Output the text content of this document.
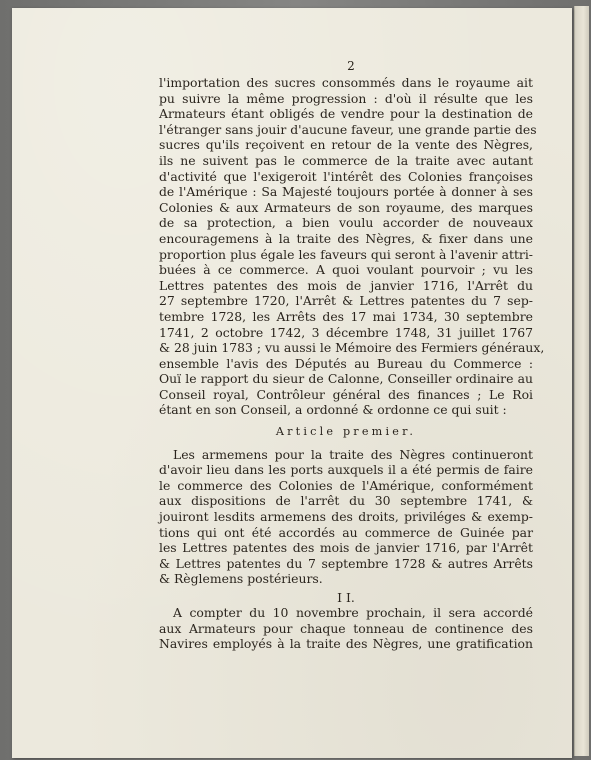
2

l'importation des sucres consommés dans le royaume ait
pu suivre la même progression : d'où il résulte que les
Armateurs étant obligés de vendre pour la destination de
l'étranger sans jouir d'aucune faveur, une grande partie des
sucres qu'ils reçoivent en retour de la vente des Nègres,
ils ne suivent pas le commerce de la traite avec autant
d'activité que l'exigeroit l'intérêt des Colonies françoises
de l'Amérique : Sa Majesté toujours portée à donner à ses
Colonies & aux Armateurs de son royaume, des marques
de sa protection, a bien voulu accorder de nouveaux
encouragemens à la traite des Nègres, & fixer dans une
proportion plus égale les faveurs qui seront à l'avenir attri-
buées à ce commerce. A quoi voulant pourvoir ; vu les
Lettres patentes des mois de janvier 1716, l'Arrêt du
27 septembre 1720, l'Arrêt & Lettres patentes du 7 sep-
tembre 1728, les Arrêts des 17 mai 1734, 30 septembre
1741, 2 octobre 1742, 3 décembre 1748, 31 juillet 1767
& 28 juin 1783 ; vu aussi le Mémoire des Fermiers généraux,
ensemble l'avis des Députés au Bureau du Commerce :
Ouï le rapport du sieur de Calonne, Conseiller ordinaire au
Conseil royal, Contrôleur général des finances ; Le Roi
étant en son Conseil, a ordonné & ordonne ce qui suit :

Article premier.

Les armemens pour la traite des Nègres continueront
d'avoir lieu dans les ports auxquels il a été permis de faire
le commerce des Colonies de l'Amérique, conformément
aux dispositions de l'arrêt du 30 septembre 1741, &
jouiront lesdits armemens des droits, priviléges & exemp-
tions qui ont été accordés au commerce de Guinée par
les Lettres patentes des mois de janvier 1716, par l'Arrêt
& Lettres patentes du 7 septembre 1728 & autres Arrêts
& Règlemens postérieurs.

I I.

A compter du 10 novembre prochain, il sera accordé
aux Armateurs pour chaque tonneau de continence des
Navires employés à la traite des Nègres, une gratification
